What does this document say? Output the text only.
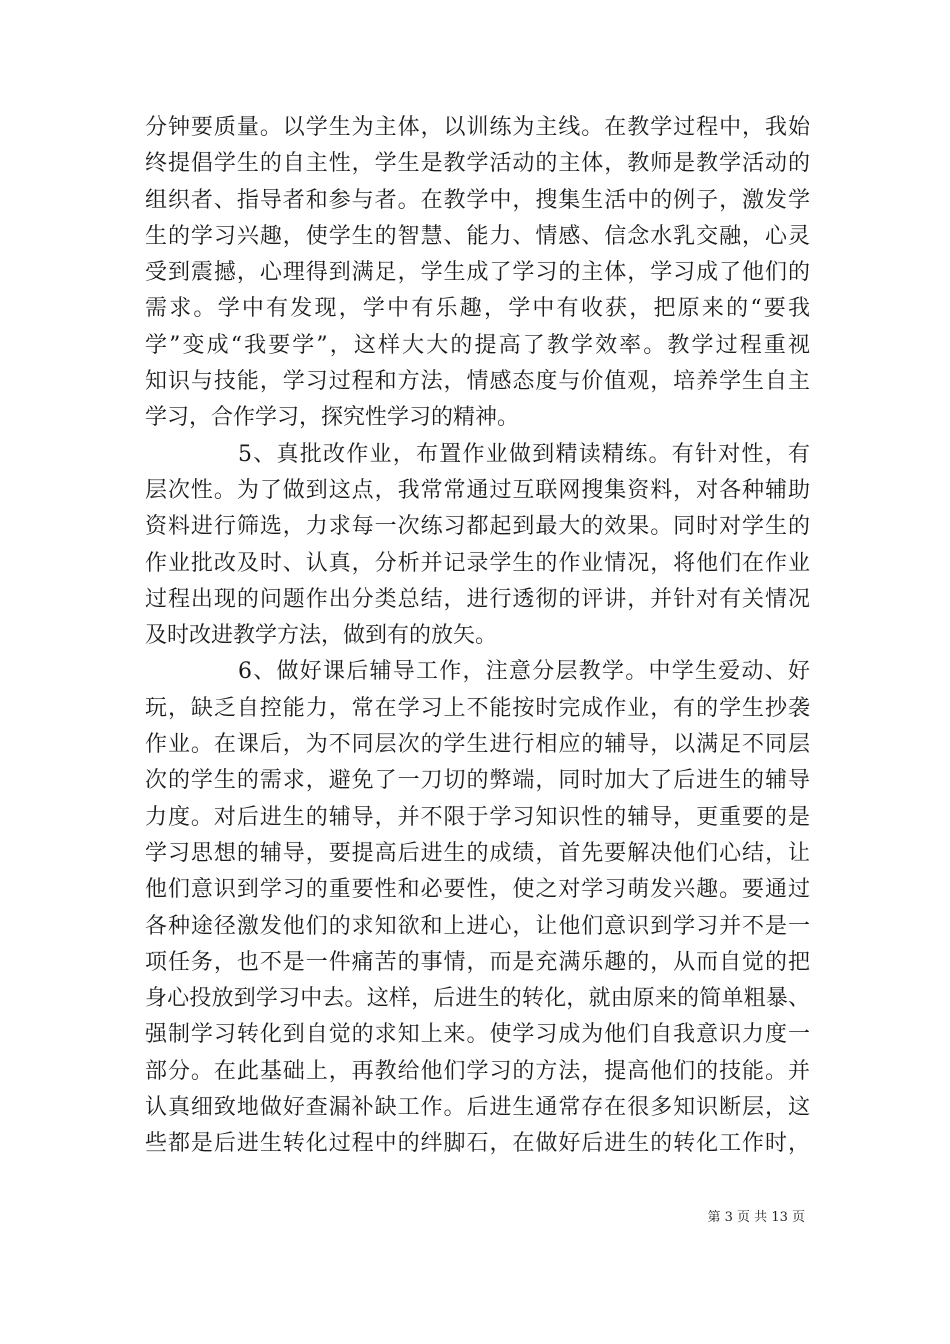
分钟要质量。以学生为主体，以训练为主线。在教学过程中，我始
终提倡学生的自主性，学生是教学活动的主体，教师是教学活动的
组织者、指导者和参与者。在教学中，搜集生活中的例子，激发学
生的学习兴趣，使学生的智慧、能力、情感、信念水乳交融，心灵
受到震撼，心理得到满足，学生成了学习的主体，学习成了他们的
需求。学中有发现，学中有乐趣，学中有收获，把原来的“要我
学”变成“我要学”，这样大大的提高了教学效率。教学过程重视
知识与技能，学习过程和方法，情感态度与价值观，培养学生自主
学习，合作学习，探究性学习的精神。
　　　　5、真批改作业，布置作业做到精读精练。有针对性，有
层次性。为了做到这点，我常常通过互联网搜集资料，对各种辅助
资料进行筛选，力求每一次练习都起到最大的效果。同时对学生的
作业批改及时、认真，分析并记录学生的作业情况，将他们在作业
过程出现的问题作出分类总结，进行透彻的评讲，并针对有关情况
及时改进教学方法，做到有的放矢。
　　　　6、做好课后辅导工作，注意分层教学。中学生爱动、好
玩，缺乏自控能力，常在学习上不能按时完成作业，有的学生抄袭
作业。在课后，为不同层次的学生进行相应的辅导，以满足不同层
次的学生的需求，避免了一刀切的弊端，同时加大了后进生的辅导
力度。对后进生的辅导，并不限于学习知识性的辅导，更重要的是
学习思想的辅导，要提高后进生的成绩，首先要解决他们心结，让
他们意识到学习的重要性和必要性，使之对学习萌发兴趣。要通过
各种途径激发他们的求知欲和上进心，让他们意识到学习并不是一
项任务，也不是一件痛苦的事情，而是充满乐趣的，从而自觉的把
身心投放到学习中去。这样，后进生的转化，就由原来的简单粗暴、
强制学习转化到自觉的求知上来。使学习成为他们自我意识力度一
部分。在此基础上，再教给他们学习的方法，提高他们的技能。并
认真细致地做好查漏补缺工作。后进生通常存在很多知识断层，这
些都是后进生转化过程中的绊脚石，在做好后进生的转化工作时，
第 3 页 共 13 页
